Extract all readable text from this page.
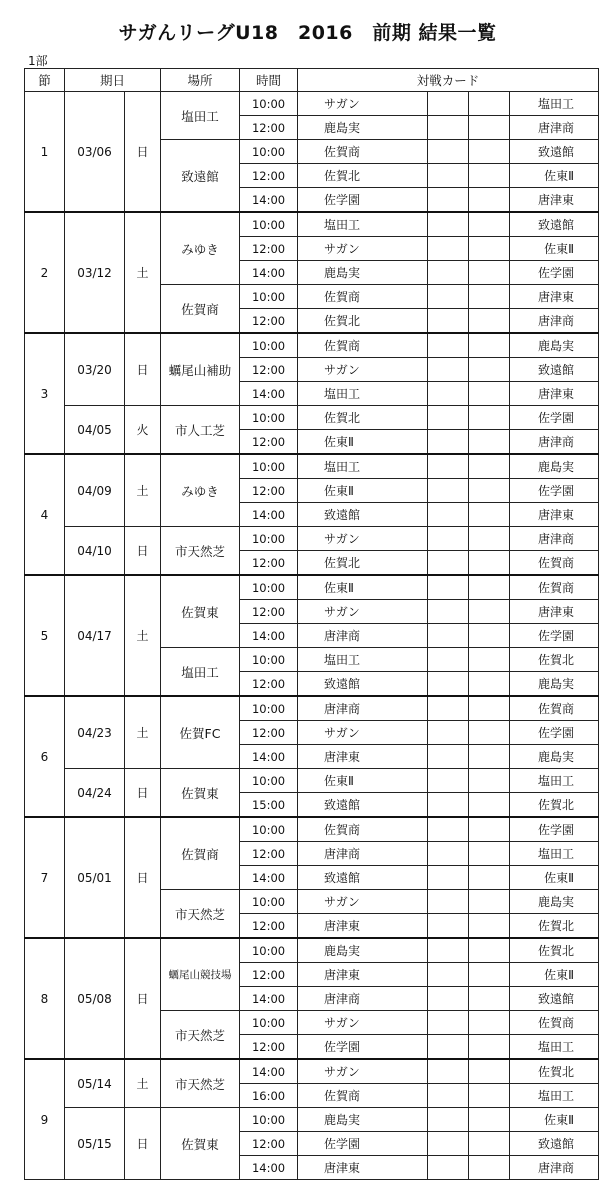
サガんリーグU18　2016　前期 結果一覧
1部
節	期日		場所	時間	対戦カード			
1	03/06	日	塩田工	10:00	サガン			塩田工
				12:00	鹿島実			唐津商
			致遠館	10:00	佐賀商			致遠館
				12:00	佐賀北			佐東Ⅱ
				14:00	佐学園			唐津東
2	03/12	土	みゆき	10:00	塩田工			致遠館
				12:00	サガン			佐東Ⅱ
				14:00	鹿島実			佐学園
			佐賀商	10:00	佐賀商			唐津東
				12:00	佐賀北			唐津商
3	03/20	日	蠣尾山補助	10:00	佐賀商			鹿島実
				12:00	サガン			致遠館
				14:00	塩田工			唐津東
	04/05	火	市人工芝	10:00	佐賀北			佐学園
				12:00	佐東Ⅱ			唐津商
4	04/09	土	みゆき	10:00	塩田工			鹿島実
				12:00	佐東Ⅱ			佐学園
				14:00	致遠館			唐津東
	04/10	日	市天然芝	10:00	サガン			唐津商
				12:00	佐賀北			佐賀商
5	04/17	土	佐賀東	10:00	佐東Ⅱ			佐賀商
				12:00	サガン			唐津東
				14:00	唐津商			佐学園
			塩田工	10:00	塩田工			佐賀北
				12:00	致遠館			鹿島実
6	04/23	土	佐賀FC	10:00	唐津商			佐賀商
				12:00	サガン			佐学園
				14:00	唐津東			鹿島実
	04/24	日	佐賀東	10:00	佐東Ⅱ			塩田工
				15:00	致遠館			佐賀北
7	05/01	日	佐賀商	10:00	佐賀商			佐学園
				12:00	唐津商			塩田工
				14:00	致遠館			佐東Ⅱ
			市天然芝	10:00	サガン			鹿島実
				12:00	唐津東			佐賀北
8	05/08	日	蠣尾山競技場	10:00	鹿島実			佐賀北
				12:00	唐津東			佐東Ⅱ
				14:00	唐津商			致遠館
			市天然芝	10:00	サガン			佐賀商
				12:00	佐学園			塩田工
9	05/14	土	市天然芝	14:00	サガン			佐賀北
				16:00	佐賀商			塩田工
	05/15	日	佐賀東	10:00	鹿島実			佐東Ⅱ
				12:00	佐学園			致遠館
				14:00	唐津東			唐津商
